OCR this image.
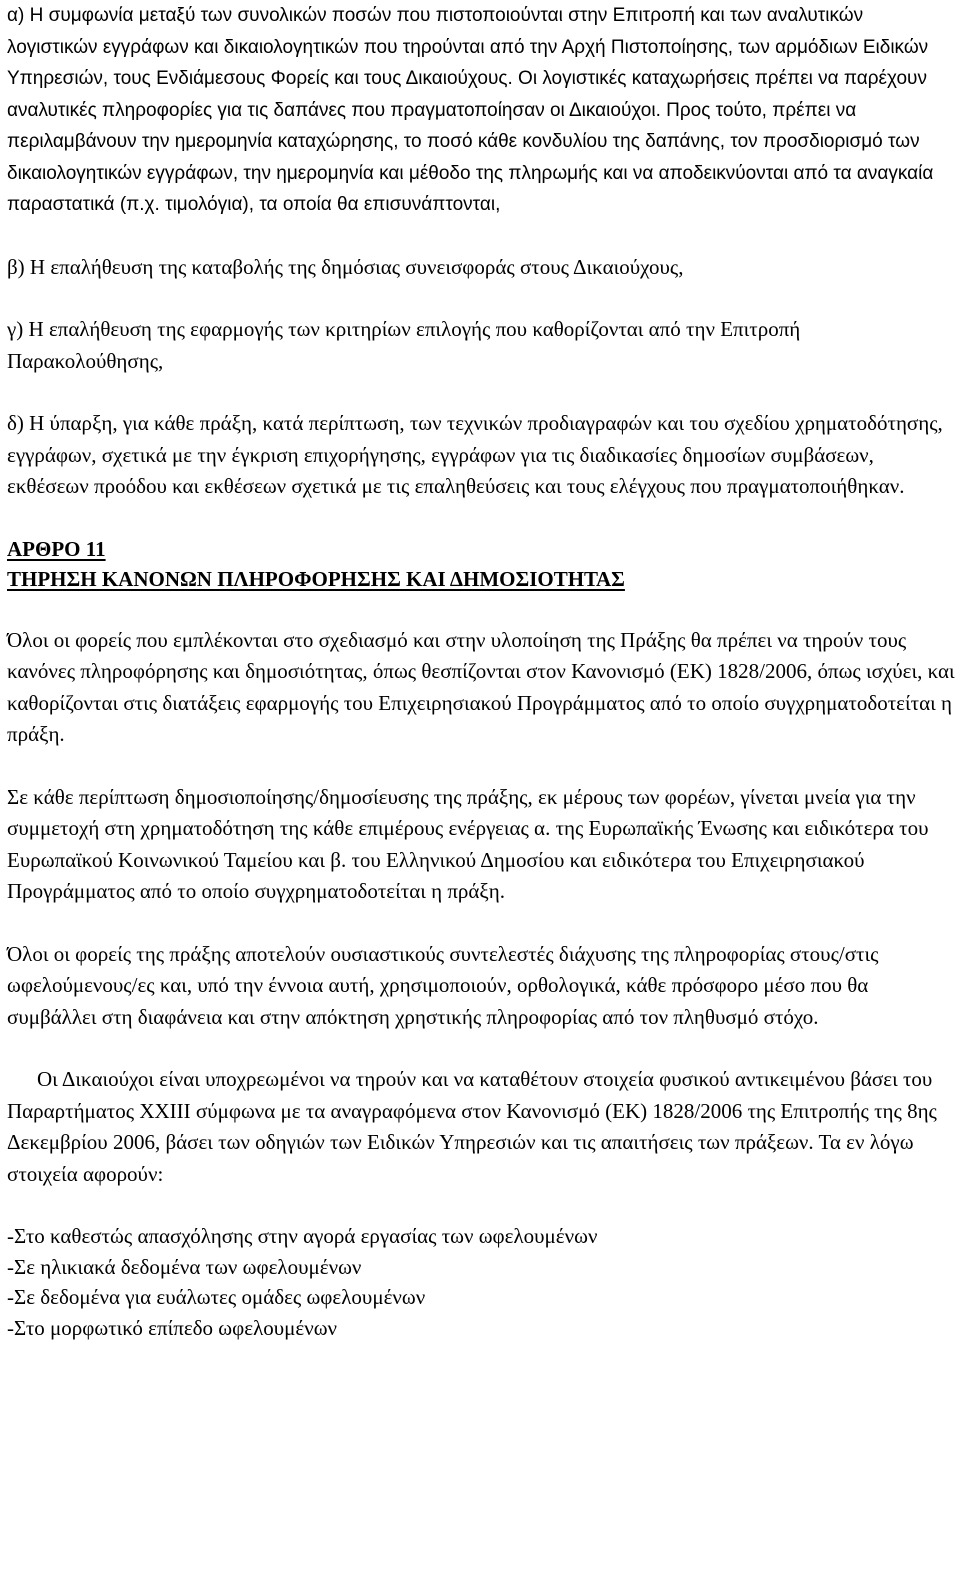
α) Η συμφωνία μεταξύ των συνολικών ποσών που πιστοποιούνται στην Επιτροπή και των αναλυτικών λογιστικών εγγράφων και δικαιολογητικών που τηρούνται από την Αρχή Πιστοποίησης, των αρμόδιων Ειδικών Υπηρεσιών, τους Ενδιάμεσους Φορείς και τους Δικαιούχους. Οι λογιστικές καταχωρήσεις πρέπει να παρέχουν αναλυτικές πληροφορίες για τις δαπάνες που πραγματοποίησαν οι Δικαιούχοι. Προς τούτο, πρέπει να περιλαμβάνουν την ημερομηνία καταχώρησης, το ποσό κάθε κονδυλίου της δαπάνης, τον προσδιορισμό των δικαιολογητικών εγγράφων, την ημερομηνία και μέθοδο της πληρωμής και να αποδεικνύονται από τα αναγκαία παραστατικά (π.χ. τιμολόγια), τα οποία θα επισυνάπτονται,

β) Η επαλήθευση της καταβολής της δημόσιας συνεισφοράς στους Δικαιούχους,

γ) Η επαλήθευση της εφαρμογής των κριτηρίων επιλογής που καθορίζονται από την Επιτροπή Παρακολούθησης,

δ) Η ύπαρξη, για κάθε πράξη, κατά περίπτωση, των τεχνικών προδιαγραφών και του σχεδίου χρηματοδότησης, εγγράφων, σχετικά με την έγκριση επιχορήγησης, εγγράφων για τις διαδικασίες δημοσίων συμβάσεων, εκθέσεων προόδου και εκθέσεων σχετικά με τις επαληθεύσεις και τους ελέγχους που πραγματοποιήθηκαν.

ΑΡΘΡΟ 11

ΤΗΡΗΣΗ ΚΑΝΟΝΩΝ ΠΛΗΡΟΦΟΡΗΣΗΣ ΚΑΙ ΔΗΜΟΣΙΟΤΗΤΑΣ

Όλοι οι φορείς που εμπλέκονται στο σχεδιασμό και στην υλοποίηση της Πράξης θα πρέπει να τηρούν τους κανόνες πληροφόρησης και δημοσιότητας, όπως θεσπίζονται στον Κανονισμό (ΕΚ) 1828/2006, όπως ισχύει, και καθορίζονται στις διατάξεις εφαρμογής του Επιχειρησιακού Προγράμματος από το οποίο συγχρηματοδοτείται η πράξη.

Σε κάθε περίπτωση δημοσιοποίησης/δημοσίευσης της πράξης, εκ μέρους των φορέων, γίνεται μνεία για την συμμετοχή στη χρηματοδότηση της κάθε επιμέρους ενέργειας α. της Ευρωπαϊκής Ένωσης και ειδικότερα του Ευρωπαϊκού Κοινωνικού Ταμείου και β. του Ελληνικού Δημοσίου και ειδικότερα του Επιχειρησιακού Προγράμματος από το οποίο συγχρηματοδοτείται η πράξη.

Όλοι οι φορείς της πράξης αποτελούν ουσιαστικούς συντελεστές διάχυσης της πληροφορίας στους/στις ωφελούμενους/ες και, υπό την έννοια αυτή, χρησιμοποιούν, ορθολογικά, κάθε πρόσφορο μέσο που θα συμβάλλει στη διαφάνεια και στην απόκτηση χρηστικής πληροφορίας από τον πληθυσμό στόχο.

Οι Δικαιούχοι είναι υποχρεωμένοι να τηρούν και να καταθέτουν στοιχεία φυσικού αντικειμένου βάσει του Παραρτήματος ΧΧΙΙΙ σύμφωνα με τα αναγραφόμενα στον Κανονισμό (ΕΚ) 1828/2006 της Επιτροπής της 8ης Δεκεμβρίου 2006, βάσει των οδηγιών των Ειδικών Υπηρεσιών και τις απαιτήσεις των πράξεων. Τα εν λόγω στοιχεία αφορούν:

-Στο καθεστώς απασχόλησης στην αγορά εργασίας των ωφελουμένων

-Σε ηλικιακά δεδομένα των ωφελουμένων

-Σε δεδομένα για ευάλωτες ομάδες ωφελουμένων

-Στο μορφωτικό επίπεδο ωφελουμένων
